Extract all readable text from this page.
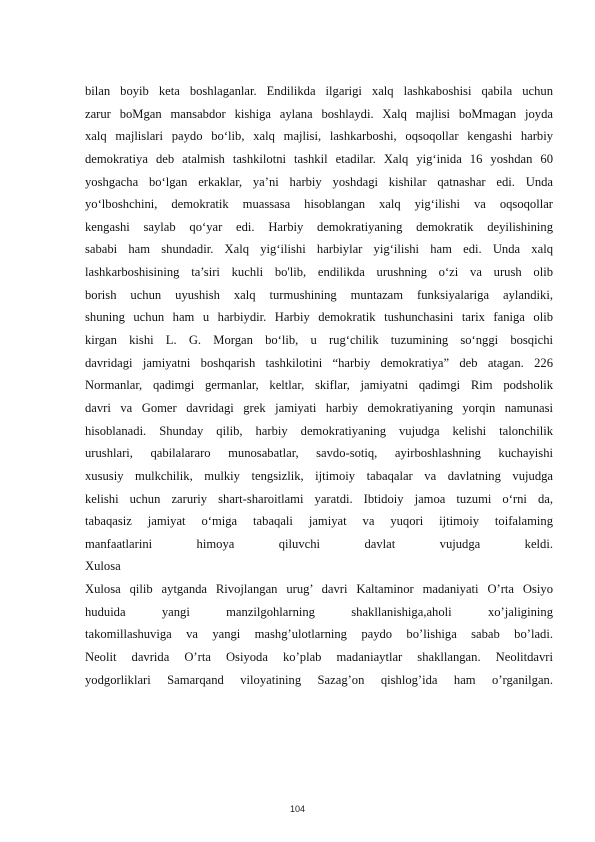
bilan boyib keta boshlaganlar. Endilikda ilgarigi xalq lashkaboshisi qabila uchun
zarur boMgan mansabdor kishiga aylana boshlaydi. Xalq majlisi boMmagan joyda
xalq majlislari paydo bo‘lib, xalq majlisi, lashkarboshi, oqsoqollar kengashi harbiy
demokratiya deb atalmish tashkilotni tashkil etadilar. Xalq yig‘inida 16 yoshdan 60
yoshgacha bo‘lgan erkaklar, ya’ni harbiy yoshdagi kishilar qatnashar edi. Unda
yo‘lboshchini, demokratik muassasa hisoblangan xalq yig‘ilishi va oqsoqollar
kengashi saylab qo‘yar edi. Harbiy demokratiyaning demokratik deyilishining
sababi ham shundadir. Xalq yig‘ilishi harbiylar yig‘ilishi ham edi. Unda xalq
lashkarboshisining ta’siri kuchli bo'lib, endilikda urushning o‘zi va urush olib
borish uchun uyushish xalq turmushining muntazam funksiyalariga aylandiki,
shuning uchun ham u harbiydir. Harbiy demokratik tushunchasini tarix faniga olib
kirgan kishi L. G. Morgan bo‘lib, u rug‘chilik tuzumining so‘nggi bosqichi
davridagi jamiyatni boshqarish tashkilotini “harbiy demokratiya” deb atagan. 226
Normanlar, qadimgi germanlar, keltlar, skiflar, jamiyatni qadimgi Rim podsholik
davri va Gomer davridagi grek jamiyati harbiy demokratiyaning yorqin namunasi
hisoblanadi. Shunday qilib, harbiy demokratiyaning vujudga kelishi talonchilik
urushlari, qabilalararo munosabatlar, savdo-sotiq, ayirboshlashning kuchayishi
xususiy mulkchilik, mulkiy tengsizlik, ijtimoiy tabaqalar va davlatning vujudga
kelishi uchun zaruriy shart-sharoitlami yaratdi. Ibtidoiy jamoa tuzumi o‘rni da,
tabaqasiz jamiyat o‘miga tabaqali jamiyat va yuqori ijtimoiy toifalaming
manfaatlarini himoya qiluvchi davlat vujudga keldi.
Xulosa
Xulosa qilib aytganda Rivojlangan urug’ davri Kaltaminor madaniyati O’rta Osiyo
huduida yangi manzilgohlarning shakllanishiga,aholi xo’jaligining
takomillashuviga va yangi mashg’ulotlarning paydo bo’lishiga sabab bo’ladi.
Neolit davrida O’rta Osiyoda ko’plab madaniaytlar shakllangan. Neolitdavri
yodgorliklari Samarqand viloyatining Sazag’on qishlog’ida ham o’rganilgan.
104
